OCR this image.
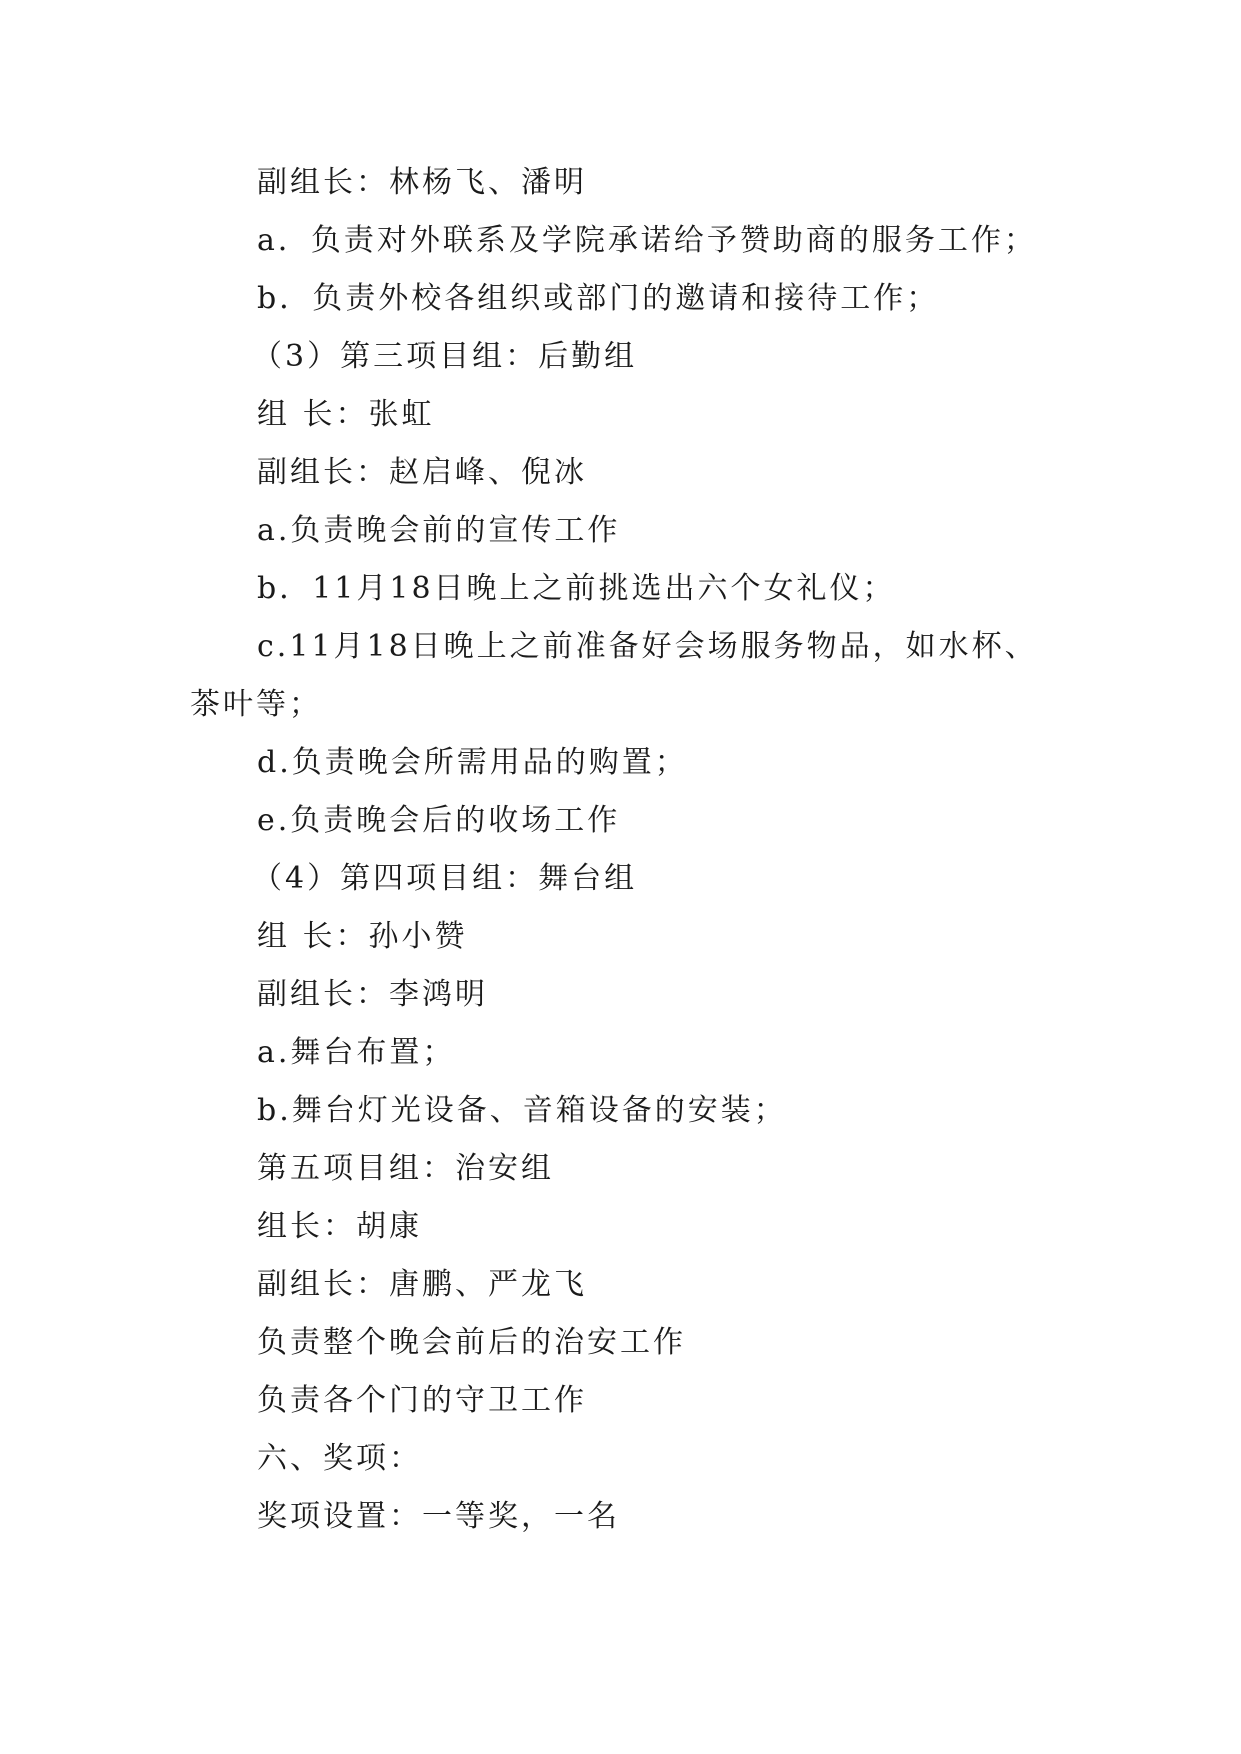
副组长：林杨飞、潘明

a．负责对外联系及学院承诺给予赞助商的服务工作；

b．负责外校各组织或部门的邀请和接待工作；

（3）第三项目组：后勤组

组 长：张虹

副组长：赵启峰、倪冰

a.负责晚会前的宣传工作

b．11月18日晚上之前挑选出六个女礼仪；

c.11月18日晚上之前准备好会场服务物品，如水杯、

茶叶等；

d.负责晚会所需用品的购置；

e.负责晚会后的收场工作

（4）第四项目组：舞台组

组 长：孙小赞

副组长：李鸿明

a.舞台布置；

b.舞台灯光设备、音箱设备的安装；

第五项目组：治安组

组长：胡康

副组长：唐鹏、严龙飞

负责整个晚会前后的治安工作

负责各个门的守卫工作

六、奖项：

奖项设置：一等奖，一名
